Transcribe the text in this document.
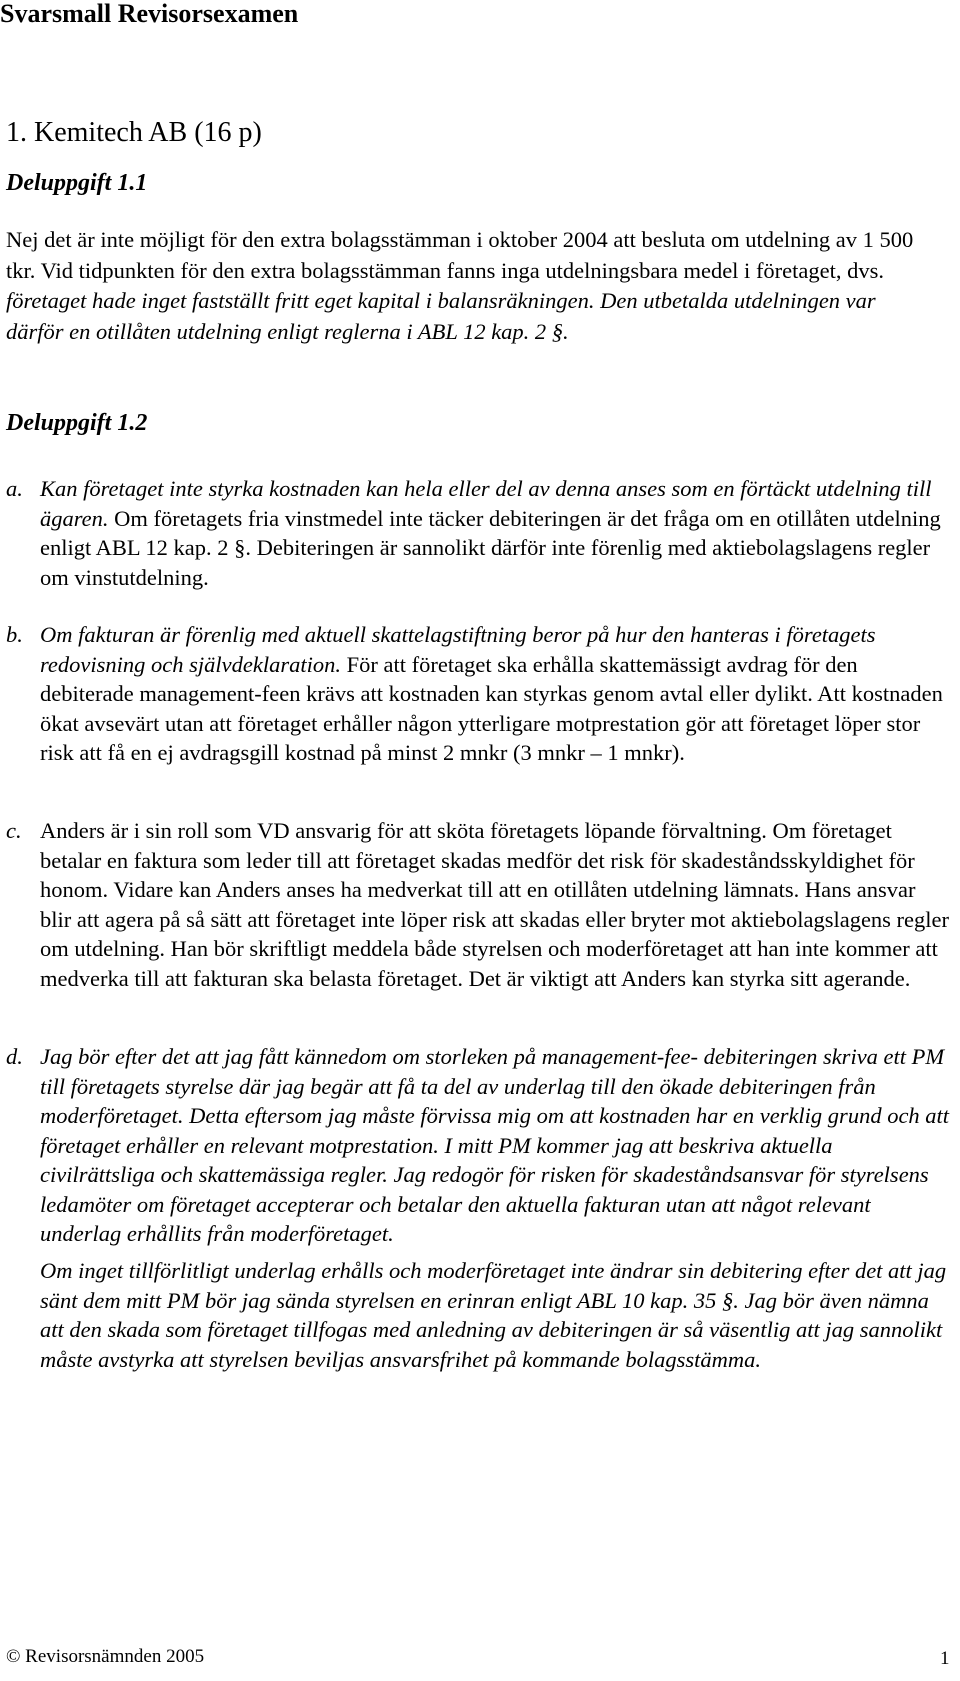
Svarsmall Revisorsexamen
1. Kemitech AB (16 p)
Deluppgift 1.1
Nej det är inte möjligt för den extra bolagsstämman i oktober 2004 att besluta om utdelning av 1 500 tkr. Vid tidpunkten för den extra bolagsstämman fanns inga utdelningsbara medel i företaget, dvs. företaget hade inget fastställt fritt eget kapital i balansräkningen. Den utbetalda utdelningen var därför en otillåten utdelning enligt reglerna i ABL 12 kap. 2 §.
Deluppgift 1.2
a. Kan företaget inte styrka kostnaden kan hela eller del av denna anses som en förtäckt utdelning till ägaren. Om företagets fria vinstmedel inte täcker debiteringen är det fråga om en otillåten utdelning enligt ABL 12 kap. 2 §. Debiteringen är sannolikt därför inte förenlig med aktiebolagslagens regler om vinstutdelning.
b. Om fakturan är förenlig med aktuell skattelagstiftning beror på hur den hanteras i företagets redovisning och självdeklaration. För att företaget ska erhålla skattemässigt avdrag för den debiterade management-feen krävs att kostnaden kan styrkas genom avtal eller dylikt. Att kostnaden ökat avsevärt utan att företaget erhåller någon ytterligare motprestation gör att företaget löper stor risk att få en ej avdragsgill kostnad på minst 2 mnkr (3 mnkr – 1 mnkr).
c. Anders är i sin roll som VD ansvarig för att sköta företagets löpande förvaltning. Om företaget betalar en faktura som leder till att företaget skadas medför det risk för skadeståndsskyldighet för honom. Vidare kan Anders anses ha medverkat till att en otillåten utdelning lämnats. Hans ansvar blir att agera på så sätt att företaget inte löper risk att skadas eller bryter mot aktiebolagslagens regler om utdelning. Han bör skriftligt meddela både styrelsen och moderföretaget att han inte kommer att medverka till att fakturan ska belasta företaget. Det är viktigt att Anders kan styrka sitt agerande.
d. Jag bör efter det att jag fått kännedom om storleken på management-fee- debiteringen skriva ett PM till företagets styrelse där jag begär att få ta del av underlag till den ökade debiteringen från moderföretaget. Detta eftersom jag måste förvissa mig om att kostnaden har en verklig grund och att företaget erhåller en relevant motprestation. I mitt PM kommer jag att beskriva aktuella civilrättsliga och skattemässiga regler. Jag redogör för risken för skadeståndsansvar för styrelsens ledamöter om företaget accepterar och betalar den aktuella fakturan utan att något relevant underlag erhållits från moderföretaget.
Om inget tillförlitligt underlag erhålls och moderföretaget inte ändrar sin debitering efter det att jag sänt dem mitt PM bör jag sända styrelsen en erinran enligt ABL 10 kap. 35 §. Jag bör även nämna att den skada som företaget tillfogas med anledning av debiteringen är så väsentlig att jag sannolikt måste avstyrka att styrelsen beviljas ansvarsfrihet på kommande bolagsstämma.
© Revisorsnämnden 2005	1
